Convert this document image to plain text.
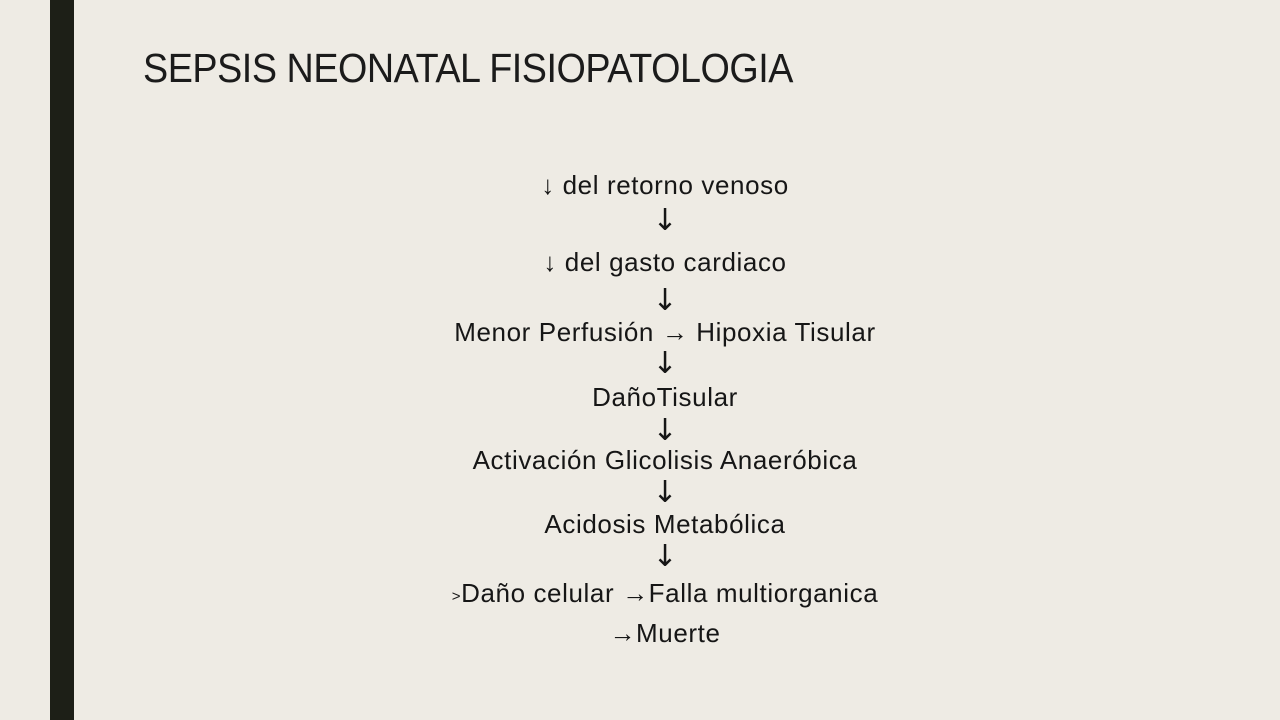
SEPSIS NEONATAL FISIOPATOLOGIA
↓ del retorno venoso
↓
↓ del gasto cardiaco
↓
Menor Perfusión → Hipoxia Tisular
↓
DañoTisular
↓
Activación Glicolisis Anaeróbica
↓
Acidosis Metabólica
↓
>Daño celular →Falla multiorganica
→Muerte
